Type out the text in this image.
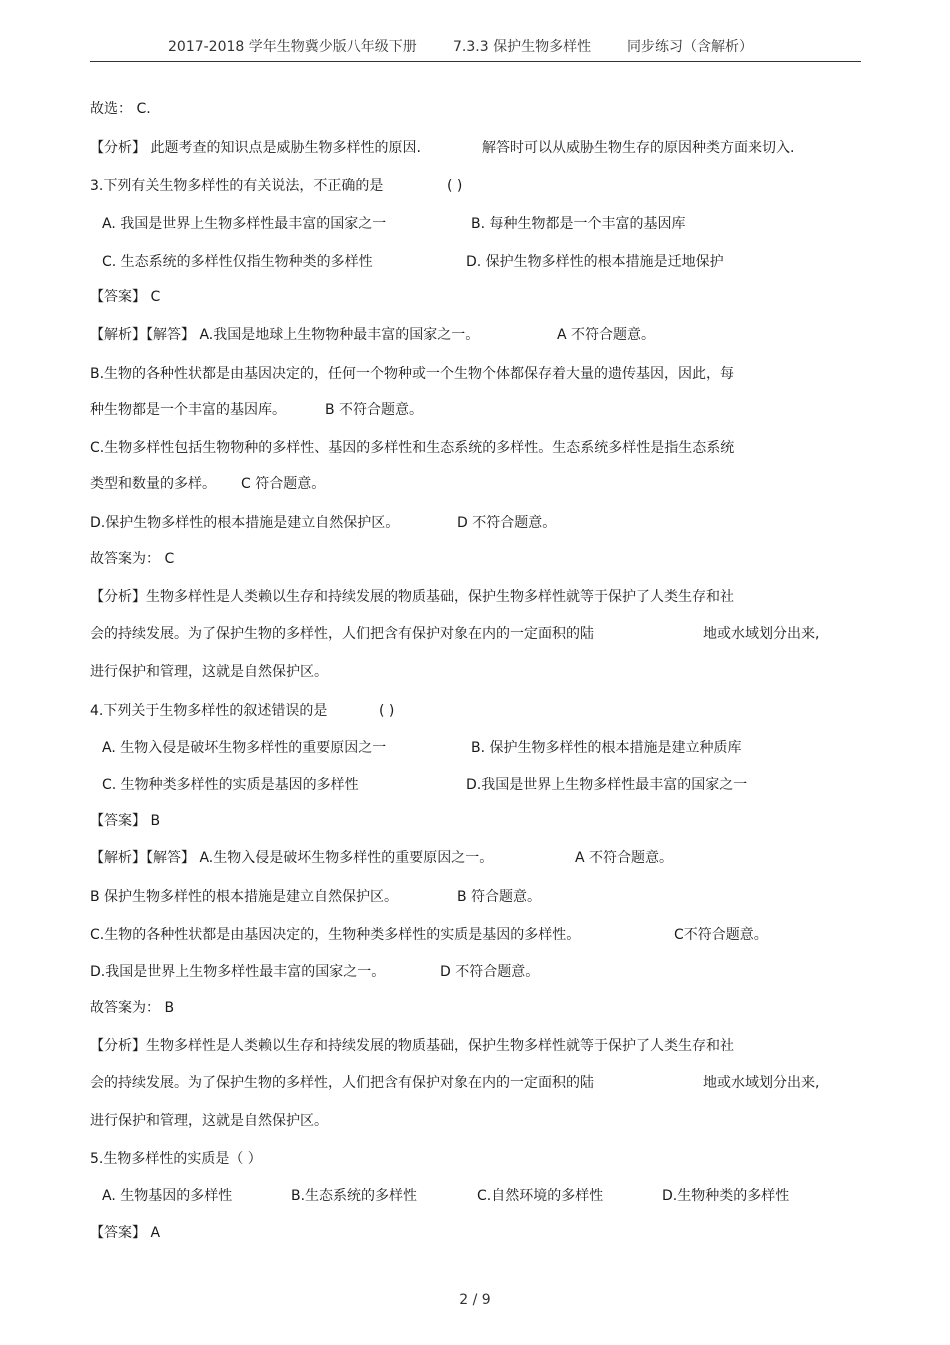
2017-2018 学年生物冀少版八年级下册	7.3.3 保护生物多样性	同步练习（含解析）
故选： C.
【分析】 此题考查的知识点是威胁生物多样性的原因.	解答时可以从威胁生物生存的原因种类方面来切入.
3.下列有关生物多样性的有关说法，不正确的是	( )
A. 我国是世界上生物多样性最丰富的国家之一	B. 每种生物都是一个丰富的基因库
C. 生态系统的多样性仅指生物种类的多样性	D. 保护生物多样性的根本措施是迁地保护
【答案】 C
【解析】【解答】 A.我国是地球上生物物种最丰富的国家之一。	A 不符合题意。
B.生物的各种性状都是由基因决定的，任何一个物种或一个生物个体都保存着大量的遗传基因，因此，每
种生物都是一个丰富的基因库。	B 不符合题意。
C.生物多样性包括生物物种的多样性、基因的多样性和生态系统的多样性。生态系统多样性是指生态系统
类型和数量的多样。 C 符合题意。
D.保护生物多样性的根本措施是建立自然保护区。	D 不符合题意。
故答案为： C
【分析】生物多样性是人类赖以生存和持续发展的物质基础，保护生物多样性就等于保护了人类生存和社
会的持续发展。为了保护生物的多样性，人们把含有保护对象在内的一定面积的陆	地或水域划分出来,
进行保护和管理，这就是自然保护区。
4.下列关于生物多样性的叙述错误的是	( )
A. 生物入侵是破坏生物多样性的重要原因之一	B. 保护生物多样性的根本措施是建立种质库
C. 生物种类多样性的实质是基因的多样性	D.我国是世界上生物多样性最丰富的国家之一
【答案】 B
【解析】【解答】 A.生物入侵是破坏生物多样性的重要原因之一。	A 不符合题意。
B 保护生物多样性的根本措施是建立自然保护区。	B 符合题意。
C.生物的各种性状都是由基因决定的，生物种类多样性的实质是基因的多样性。	C不符合题意。
D.我国是世界上生物多样性最丰富的国家之一。	D 不符合题意。
故答案为： B
【分析】生物多样性是人类赖以生存和持续发展的物质基础，保护生物多样性就等于保护了人类生存和社
会的持续发展。为了保护生物的多样性，人们把含有保护对象在内的一定面积的陆	地或水域划分出来,
进行保护和管理，这就是自然保护区。
5.生物多样性的实质是（ ）
A. 生物基因的多样性	B.生态系统的多样性	C.自然环境的多样性	D.生物种类的多样性
【答案】 A
2 / 9
